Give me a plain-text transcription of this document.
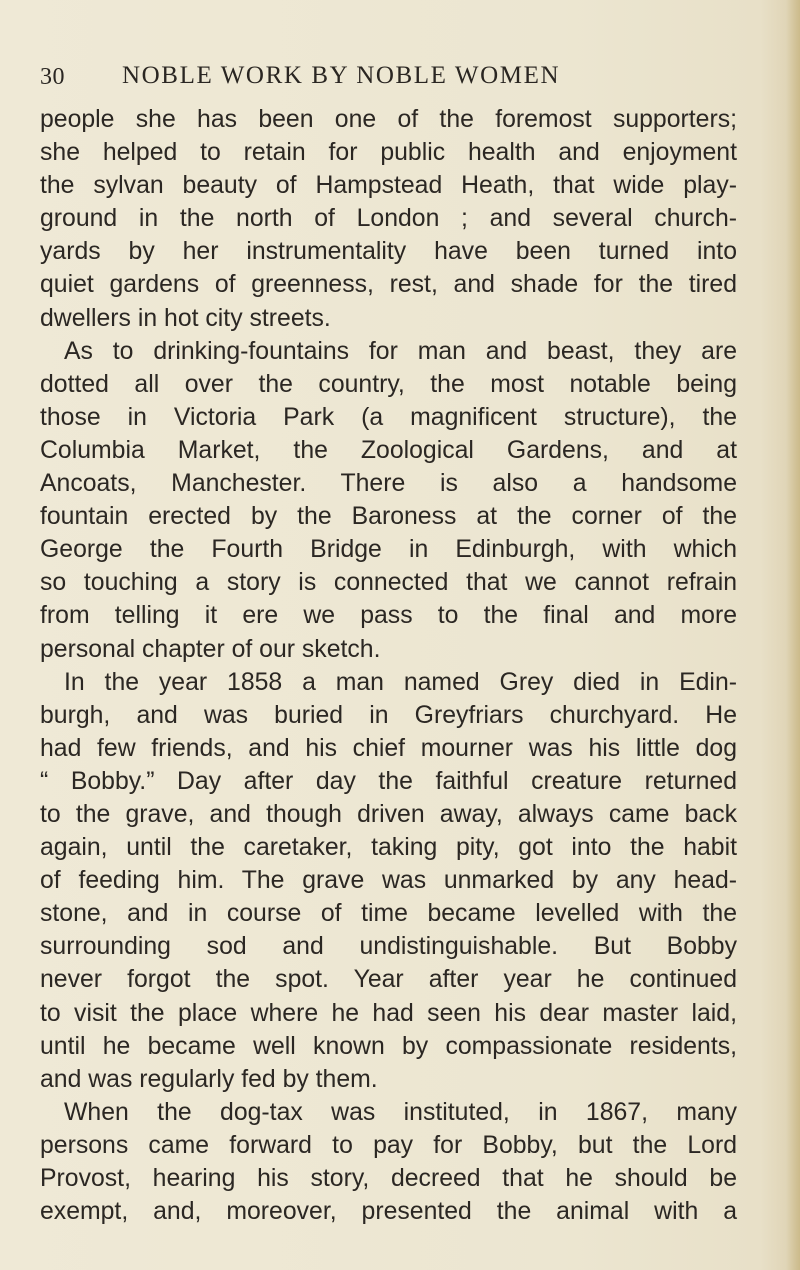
30 NOBLE WORK BY NOBLE WOMEN
people she has been one of the foremost supporters;
she helped to retain for public health and enjoyment
the sylvan beauty of Hampstead Heath, that wide play-
ground in the north of London ; and several church-
yards by her instrumentality have been turned into
quiet gardens of greenness, rest, and shade for the tired
dwellers in hot city streets.
As to drinking-fountains for man and beast, they are
dotted all over the country, the most notable being
those in Victoria Park (a magnificent structure), the
Columbia Market, the Zoological Gardens, and at
Ancoats, Manchester. There is also a handsome
fountain erected by the Baroness at the corner of the
George the Fourth Bridge in Edinburgh, with which
so touching a story is connected that we cannot refrain
from telling it ere we pass to the final and more
personal chapter of our sketch.
In the year 1858 a man named Grey died in Edin-
burgh, and was buried in Greyfriars churchyard. He
had few friends, and his chief mourner was his little dog
“ Bobby.” Day after day the faithful creature returned
to the grave, and though driven away, always came back
again, until the caretaker, taking pity, got into the habit
of feeding him. The grave was unmarked by any head-
stone, and in course of time became levelled with the
surrounding sod and undistinguishable. But Bobby
never forgot the spot. Year after year he continued
to visit the place where he had seen his dear master laid,
until he became well known by compassionate residents,
and was regularly fed by them.
When the dog-tax was instituted, in 1867, many
persons came forward to pay for Bobby, but the Lord
Provost, hearing his story, decreed that he should be
exempt, and, moreover, presented the animal with a
